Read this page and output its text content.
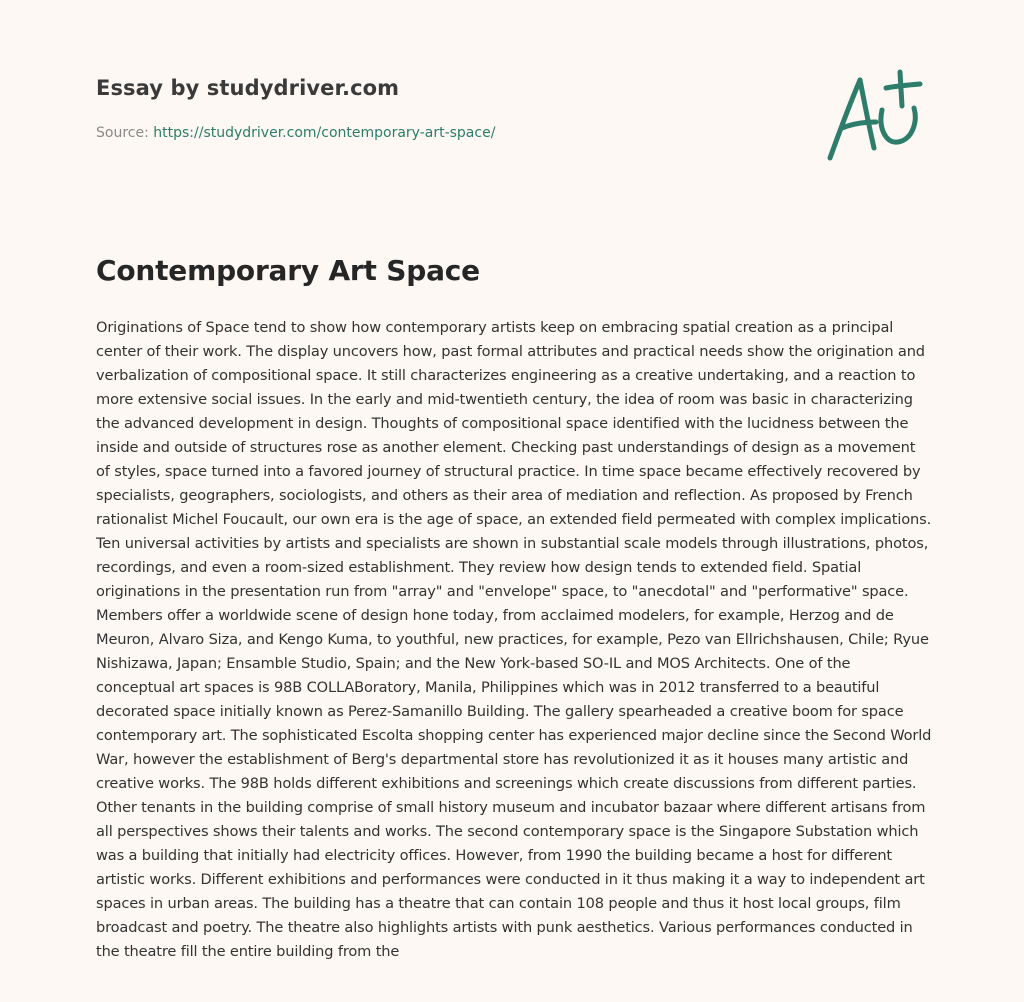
Essay by studydriver.com
Source: https://studydriver.com/contemporary-art-space/
Contemporary Art Space

Originations of Space tend to show how contemporary artists keep on embracing spatial creation as a principal center of their work. The display uncovers how, past formal attributes and practical needs show the origination and verbalization of compositional space. It still characterizes engineering as a creative undertaking, and a reaction to more extensive social issues. In the early and mid-twentieth century, the idea of room was basic in characterizing the advanced development in design. Thoughts of compositional space identified with the lucidness between the inside and outside of structures rose as another element. Checking past understandings of design as a movement of styles, space turned into a favored journey of structural practice. In time space became effectively recovered by specialists, geographers, sociologists, and others as their area of mediation and reflection. As proposed by French rationalist Michel Foucault, our own era is the age of space, an extended field permeated with complex implications. Ten universal activities by artists and specialists are shown in substantial scale models through illustrations, photos, recordings, and even a room-sized establishment. They review how design tends to extended field. Spatial originations in the presentation run from "array" and "envelope" space, to "anecdotal" and "performative" space. Members offer a worldwide scene of design hone today, from acclaimed modelers, for example, Herzog and de Meuron, Alvaro Siza, and Kengo Kuma, to youthful, new practices, for example, Pezo van Ellrichshausen, Chile; Ryue Nishizawa, Japan; Ensamble Studio, Spain; and the New York-based SO-IL and MOS Architects. One of the conceptual art spaces is 98B COLLABoratory, Manila, Philippines which was in 2012 transferred to a beautiful decorated space initially known as Perez-Samanillo Building. The gallery spearheaded a creative boom for space contemporary art. The sophisticated Escolta shopping center has experienced major decline since the Second World War, however the establishment of Berg's departmental store has revolutionized it as it houses many artistic and creative works. The 98B holds different exhibitions and screenings which create discussions from different parties. Other tenants in the building comprise of small history museum and incubator bazaar where different artisans from all perspectives shows their talents and works. The second contemporary space is the Singapore Substation which was a building that initially had electricity offices. However, from 1990 the building became a host for different artistic works. Different exhibitions and performances were conducted in it thus making it a way to independent art spaces in urban areas. The building has a theatre that can contain 108 people and thus it host local groups, film broadcast and poetry. The theatre also highlights artists with punk aesthetics. Various performances conducted in the theatre fill the entire building from the
